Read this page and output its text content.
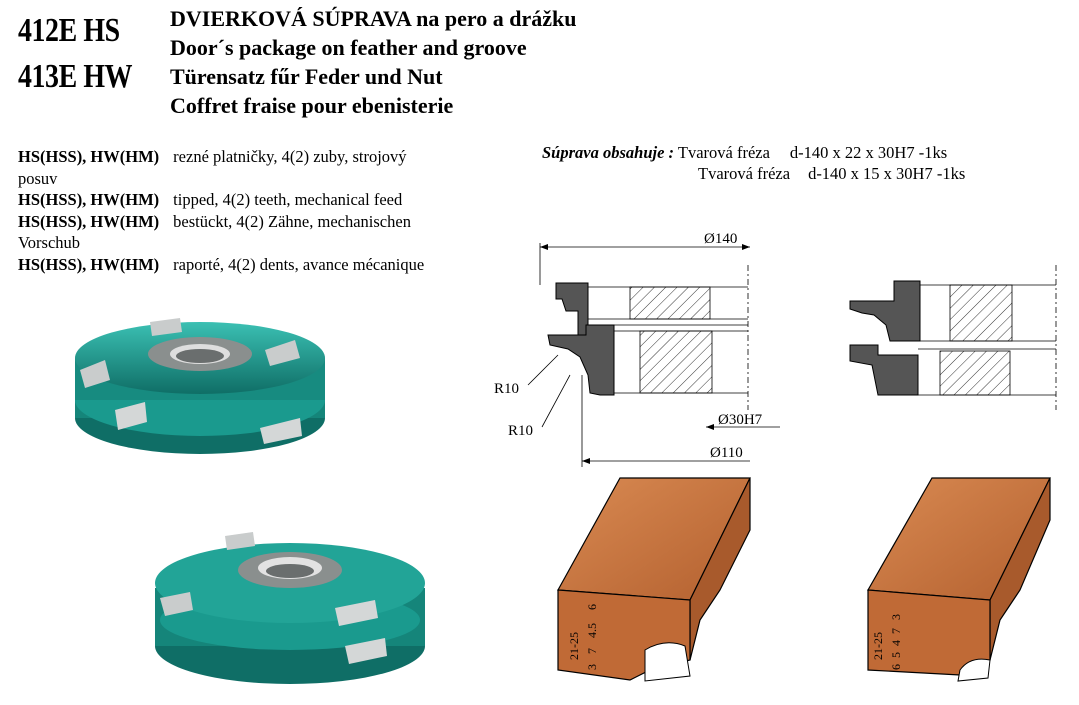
412E HS
413E HW
DVIERKOVÁ SÚPRAVA na pero a drážku
Door´s package on feather and groove
Türensatz fűr Feder und Nut
Coffret fraise pour ebenisterie
HS(HSS), HW(HM) rezné platničky, 4(2) zuby, strojový
posuv
HS(HSS), HW(HM) tipped, 4(2) teeth, mechanical feed
HS(HSS), HW(HM) bestückt, 4(2) Zähne, mechanischen
Vorschub
HS(HSS), HW(HM) raporté, 4(2) dents, avance mécanique
Súprava obsahuje : Tvarová fréza d-140 x 22 x 30H7 -1ks
Tvarová fréza d-140 x 15 x 30H7 -1ks
Ø140
R10
R10
Ø30H7
Ø110
21-25
3
7
4.5
6
21-25
6
5
4
7
3
